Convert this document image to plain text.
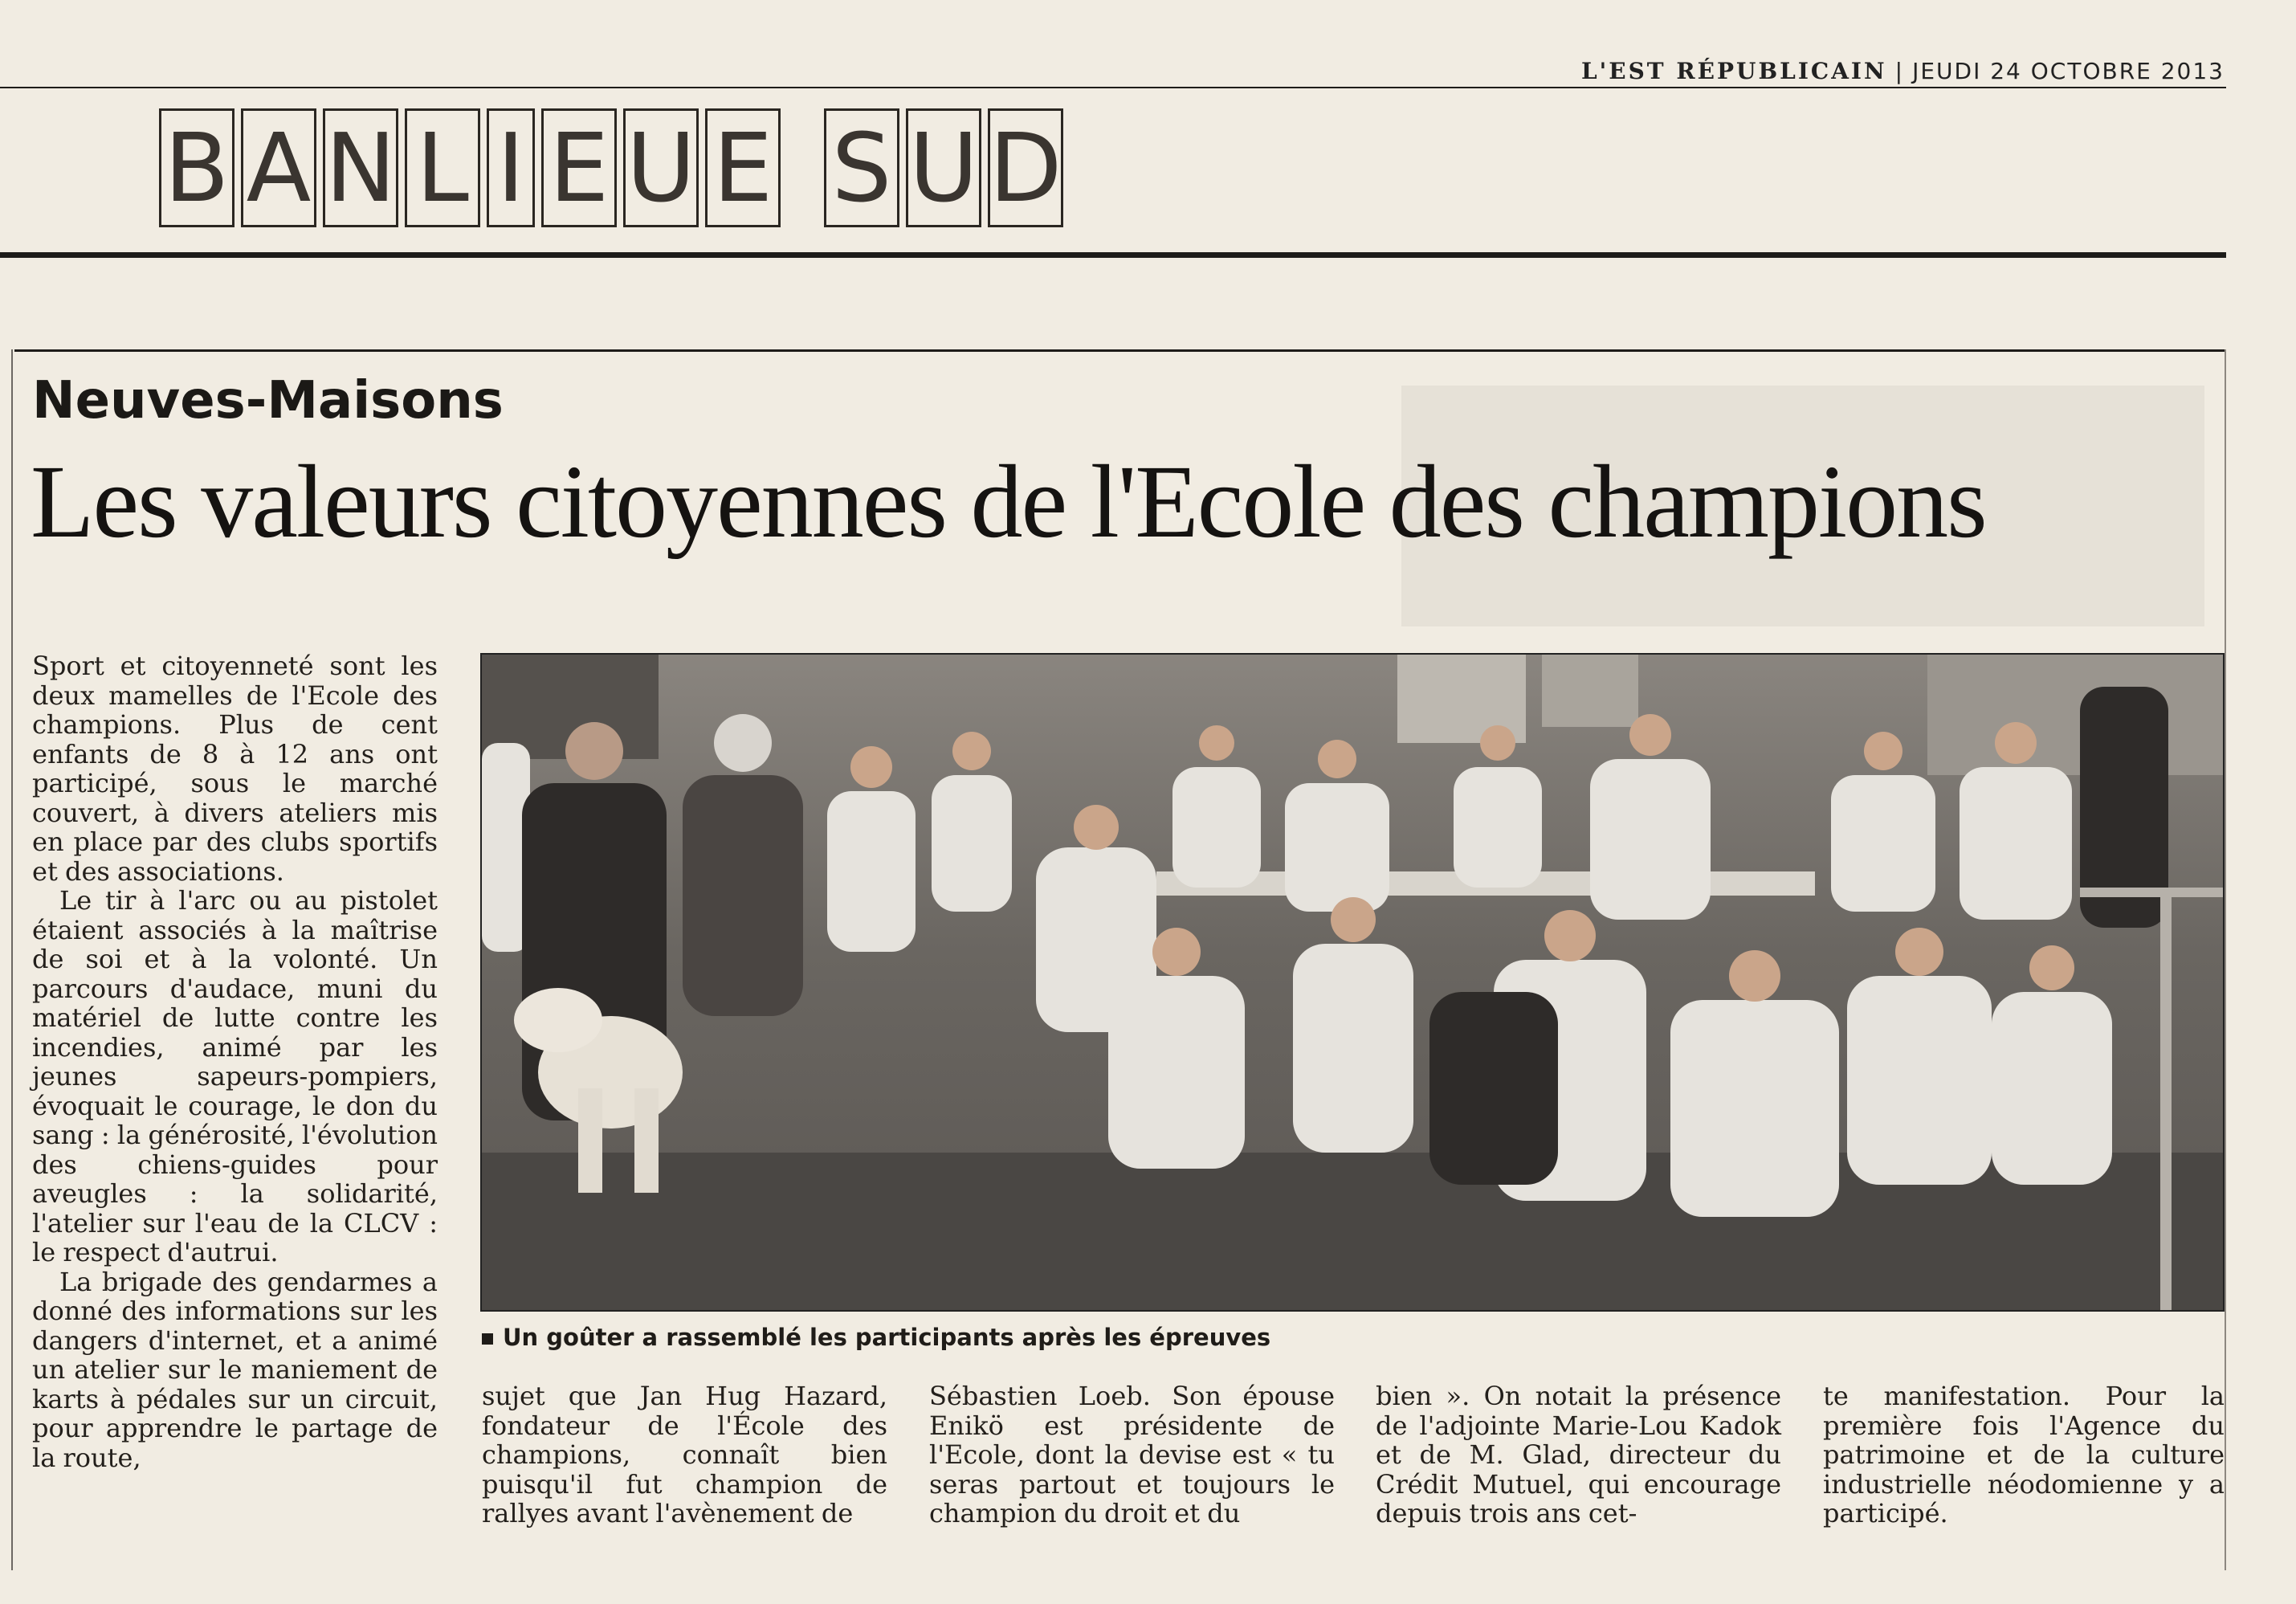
L'EST RÉPUBLICAIN | JEUDI 24 OCTOBRE 2013
B A N L I E U E S U D
Neuves-Maisons
Les valeurs citoyennes de l'Ecole des champions

Sport et citoyenneté sont les deux mamelles de l'Ecole des champions. Plus de cent enfants de 8 à 12 ans ont participé, sous le marché couvert, à divers ateliers mis en place par des clubs sportifs et des associations.

Le tir à l'arc ou au pistolet étaient associés à la maîtrise de soi et à la volonté. Un parcours d'audace, muni du matériel de lutte contre les incendies, animé par les jeunes sapeurs-pompiers, évoquait le courage, le don du sang : la générosité, l'évolution des chiens-guides pour aveugles : la solidarité, l'atelier sur l'eau de la CLCV : le respect d'autrui.

La brigade des gendarmes a donné des informations sur les dangers d'internet, et a animé un atelier sur le maniement de karts à pédales sur un circuit, pour apprendre le partage de la route,

Un goûter a rassemblé les participants après les épreuves
sujet que Jan Hug Hazard, fondateur de l'École des champions, connaît bien puisqu'il fut champion de rallyes avant l'avènement de
Sébastien Loeb. Son épouse Enikö est présidente de l'Ecole, dont la devise est « tu seras partout et toujours le champion du droit et du
bien ». On notait la présence de l'adjointe Marie-Lou Kadok et de M. Glad, directeur du Crédit Mutuel, qui encourage depuis trois ans cet-
te manifestation. Pour la première fois l'Agence du patrimoine et de la culture industrielle néodomienne y a participé.
